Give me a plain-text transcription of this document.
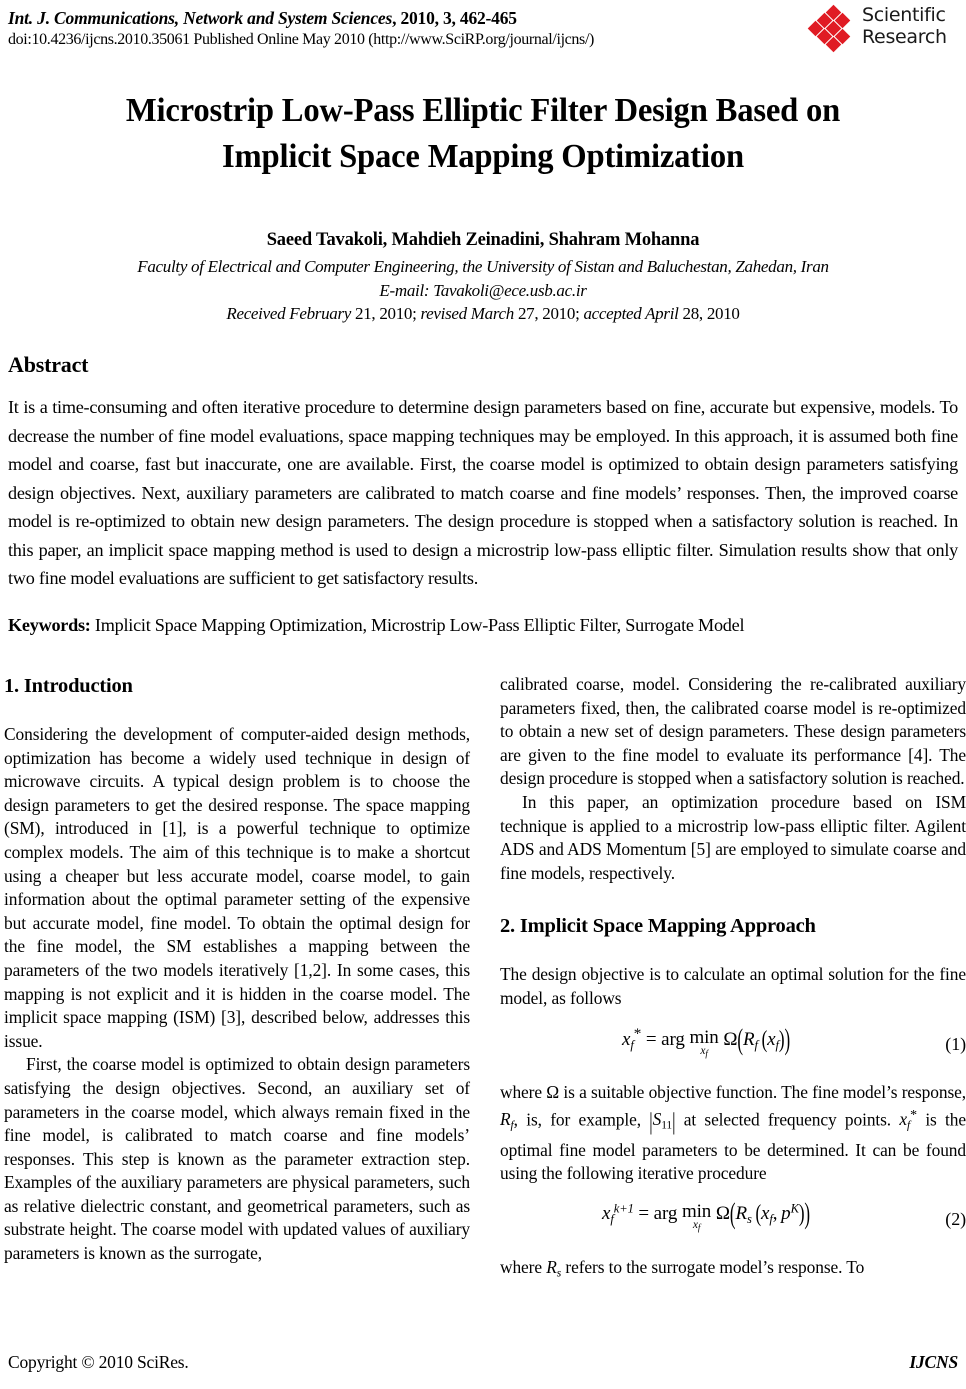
Int. J. Communications, Network and System Sciences, 2010, 3, 462-465
doi:10.4236/ijcns.2010.35061 Published Online May 2010 (http://www.SciRP.org/journal/ijcns/)
Scientific
Research
Microstrip Low-Pass Elliptic Filter Design Based on
Implicit Space Mapping Optimization
Saeed Tavakoli, Mahdieh Zeinadini, Shahram Mohanna
Faculty of Electrical and Computer Engineering, the University of Sistan and Baluchestan, Zahedan, Iran
E-mail: Tavakoli@ece.usb.ac.ir
Received February 21, 2010; revised March 27, 2010; accepted April 28, 2010
Abstract
It is a time-consuming and often iterative procedure to determine design parameters based on fine, accurate but expensive, models. To decrease the number of fine model evaluations, space mapping techniques may be employed. In this approach, it is assumed both fine model and coarse, fast but inaccurate, one are available. First, the coarse model is optimized to obtain design parameters satisfying design objectives. Next, auxiliary parameters are calibrated to match coarse and fine models’ responses. Then, the improved coarse model is re-optimized to obtain new design parameters. The design procedure is stopped when a satisfactory solution is reached. In this paper, an implicit space mapping method is used to design a microstrip low-pass elliptic filter. Simulation results show that only two fine model evaluations are sufficient to get satisfactory results.
Keywords: Implicit Space Mapping Optimization, Microstrip Low-Pass Elliptic Filter, Surrogate Model
1. Introduction

Considering the development of computer-aided design methods, optimization has become a widely used technique in design of microwave circuits. A typical design problem is to choose the design parameters to get the desired response. The space mapping (SM), introduced in [1], is a powerful technique to optimize complex models. The aim of this technique is to make a shortcut using a cheaper but less accurate model, coarse model, to gain information about the optimal parameter setting of the expensive but accurate model, fine model. To obtain the optimal design for the fine model, the SM establishes a mapping between the parameters of the two models iteratively [1,2]. In some cases, this mapping is not explicit and it is hidden in the coarse model. The implicit space mapping (ISM) [3], described below, addresses this issue.

First, the coarse model is optimized to obtain design parameters satisfying the design objectives. Second, an auxiliary set of parameters in the coarse model, which always remain fixed in the fine model, is calibrated to match coarse and fine models’ responses. This step is known as the parameter extraction step. Examples of the auxiliary parameters are physical parameters, such as relative dielectric constant, and geometrical parameters, such as substrate height. The coarse model with updated values of auxiliary parameters is known as the surrogate,

calibrated coarse, model. Considering the re-calibrated auxiliary parameters fixed, then, the calibrated coarse model is re-optimized to obtain a new set of design parameters. These design parameters are given to the fine model to evaluate its performance [4]. The design procedure is stopped when a satisfactory solution is reached.

In this paper, an optimization procedure based on ISM technique is applied to a microstrip low-pass elliptic filter. Agilent ADS and ADS Momentum [5] are employed to simulate coarse and fine models, respectively.

2. Implicit Space Mapping Approach

The design objective is to calculate an optimal solution for the fine model, as follows

$x_f^*$ = arg min
$x_f$
$\Omega(R_f$  $(x_f)$)	(1)

where Ω is a suitable objective function. The fine model’s response, $R_f$, is, for example, $|S_{11}|$ at selected frequency points. $x_f^*$ is the optimal fine model parameters to be determined. It can be found using the following iterative procedure

$x_f^{k+1}$ = arg min
$x_f$
$\Omega(R_s$  ($x_f$,  $p^K$))	(2)

where $R_s$ refers to the surrogate model’s response. To

Copyright © 2010 SciRes.	IJCNS
